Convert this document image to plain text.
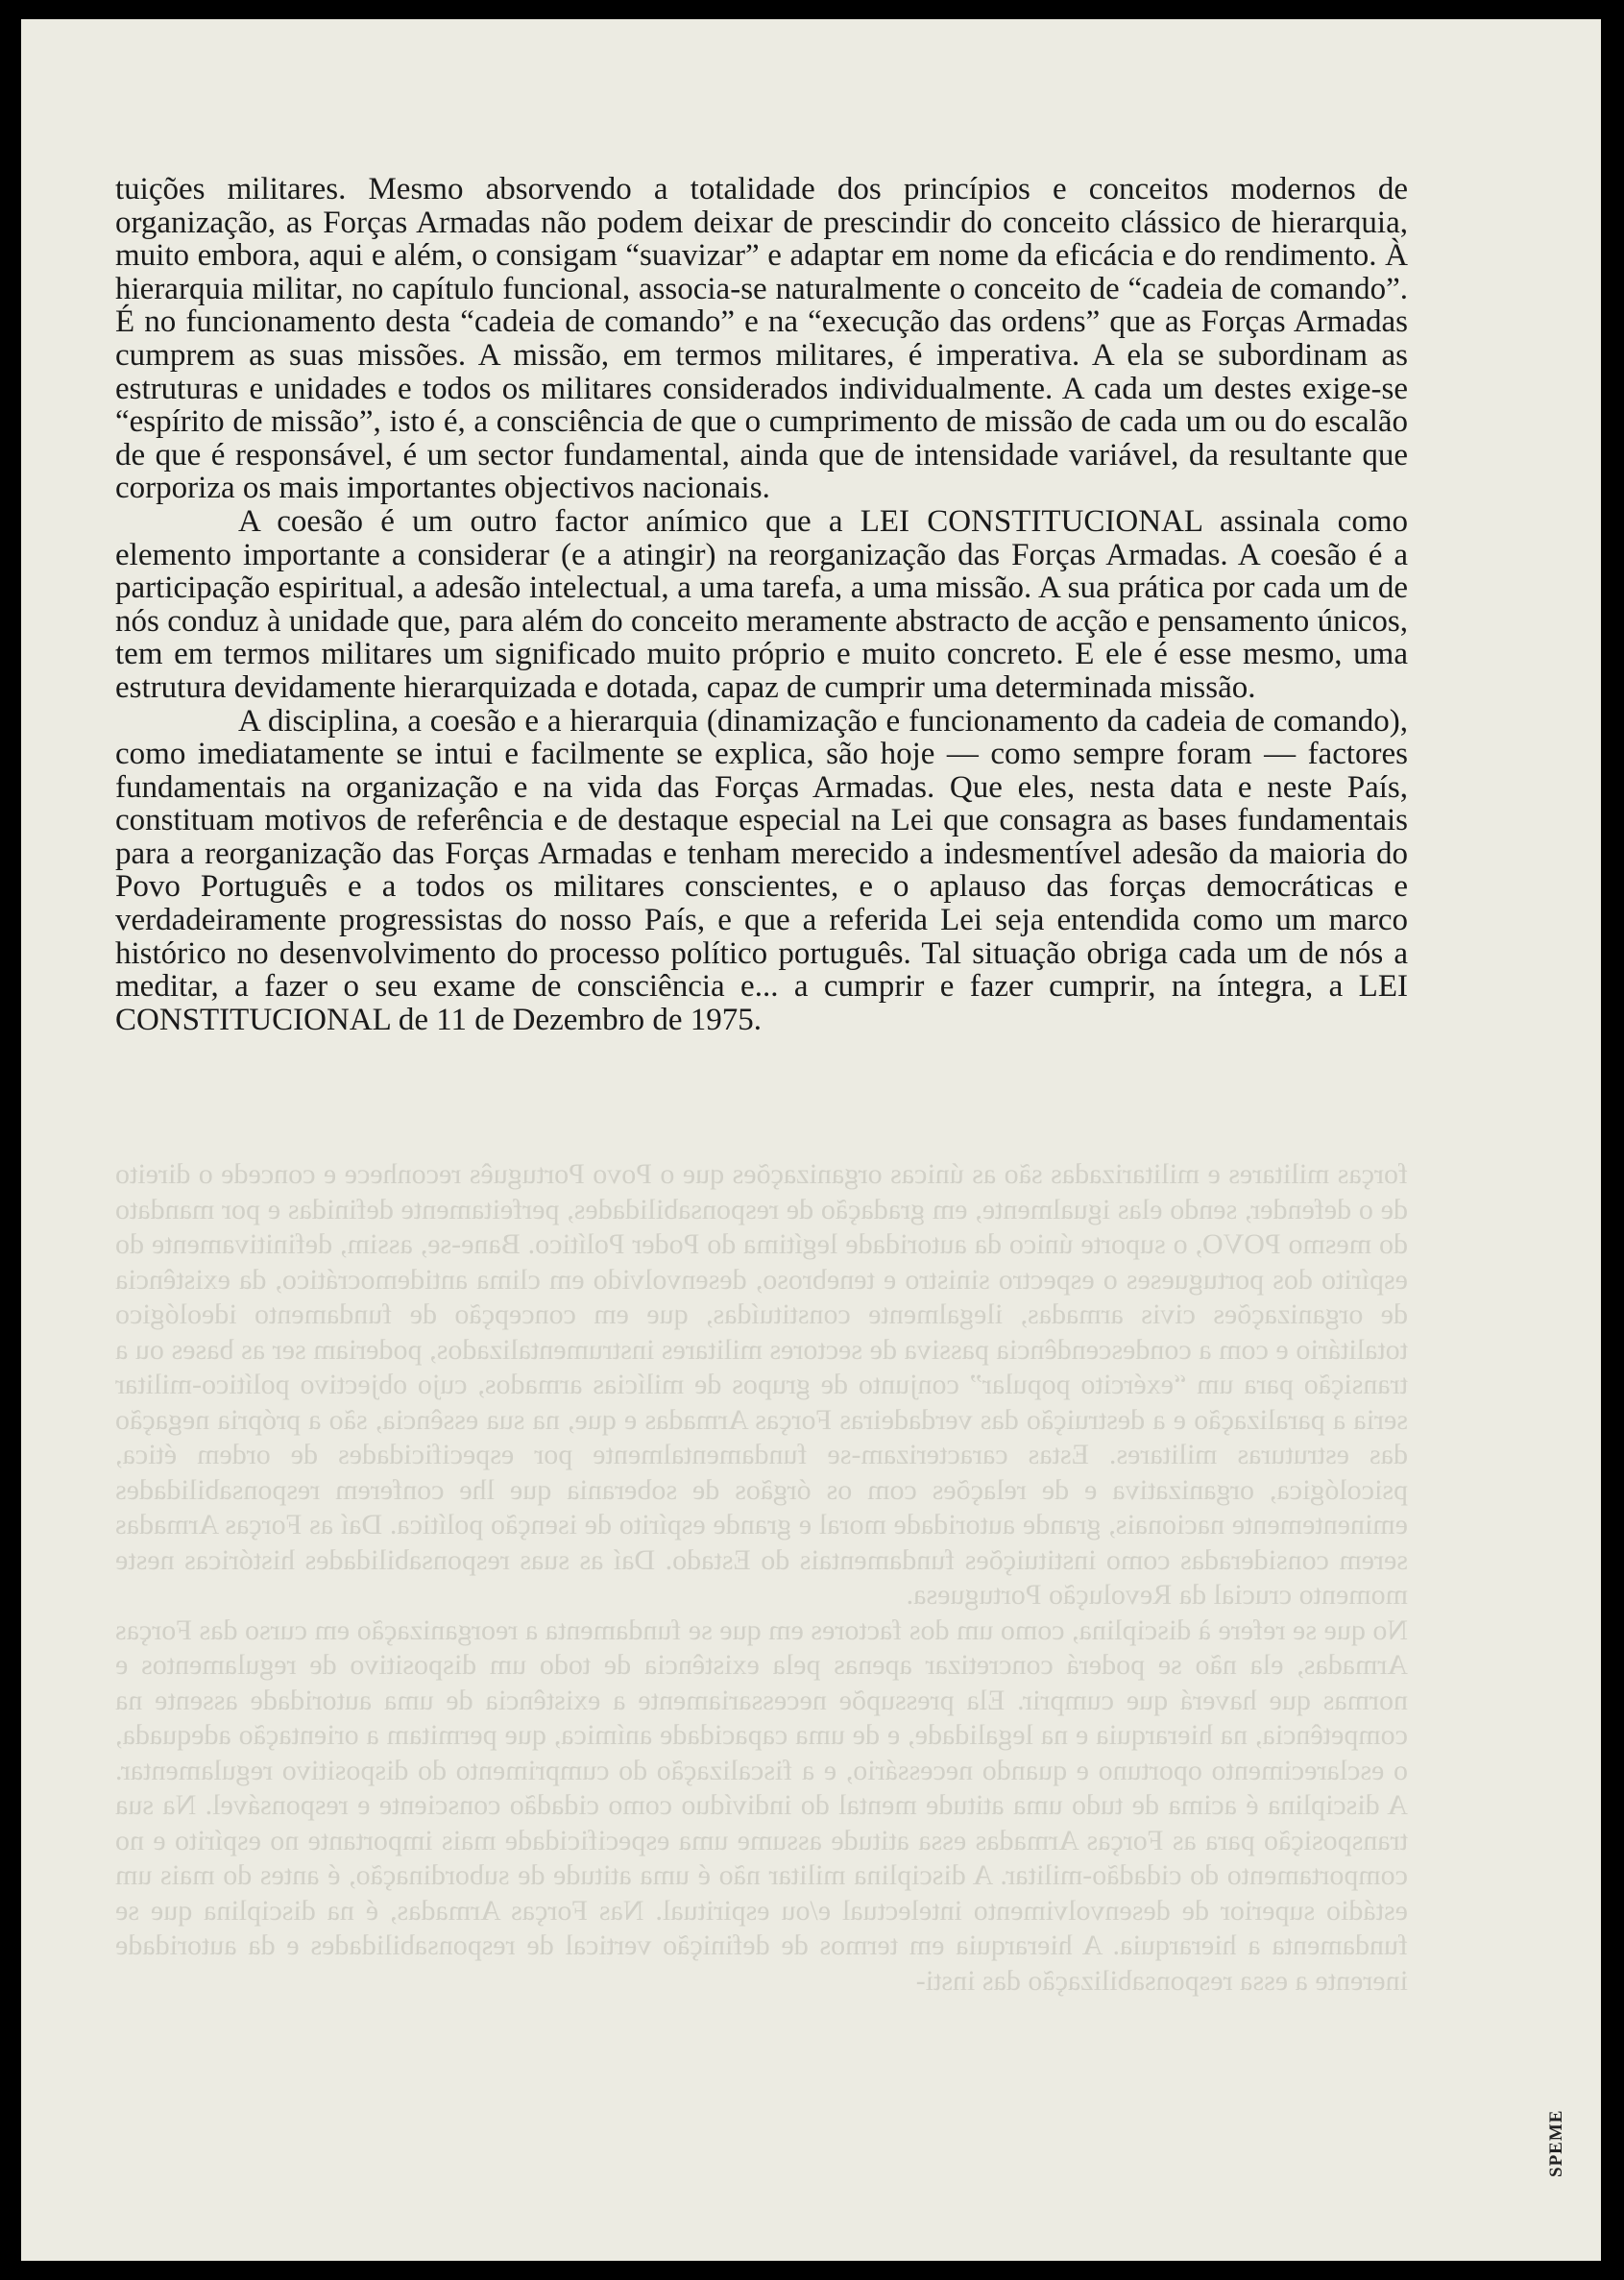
forças militares e militarizadas são as únicas organizações que o Povo Português reconhece e concede o direito de o defender, sendo elas igualmente, em gradação de responsabilidades, perfeitamente definidas e por mandato do mesmo POVO, o suporte único da autoridade legítima do Poder Político. Bane-se, assim, definitivamente do espírito dos portugueses o espectro sinistro e tenebroso, desenvolvido em clima antidemocrático, da existência de organizações civis armadas, ilegalmente constituídas, que em concepção de fundamento ideológico totalitário e com a condescendência passiva de sectores militares instrumentalizados, poderiam ser as bases ou a transição para um “exército popular” conjunto de grupos de milícias armados, cujo objectivo político-militar seria a paralização e a destruição das verdadeiras Forças Armadas e que, na sua essência, são a própria negação das estruturas militares. Estas caracterizam-se fundamentalmente por especificidades de ordem ética, psicológica, organizativa e de relações com os órgãos de soberania que lhe conferem responsabilidades eminentemente nacionais, grande autoridade moral e grande espírito de isenção política. Daí as Forças Armadas serem consideradas como instituições fundamentais do Estado. Daí as suas responsabilidades históricas neste momento crucial da Revolução Portuguesa.

No que se refere à disciplina, como um dos factores em que se fundamenta a reorganização em curso das Forças Armadas, ela não se poderá concretizar apenas pela existência de todo um dispositivo de regulamentos e normas que haverá que cumprir. Ela pressupõe necessariamente a existência de uma autoridade assente na competência, na hierarquia e na legalidade, e de uma capacidade anímica, que permitam a orientação adequada, o esclarecimento oportuno e quando necessário, e a fiscalização do cumprimento do dispositivo regulamentar. A disciplina é acima de tudo uma atitude mental do indivíduo como cidadão consciente e responsável. Na sua transposição para as Forças Armadas essa atitude assume uma especificidade mais importante no espírito e no comportamento do cidadão-militar. A disciplina militar não é uma atitude de subordinação, é antes do mais um estádio superior de desenvolvimento intelectual e/ou espiritual. Nas Forças Armadas, é na disciplina que se fundamenta a hierarquia. A hierarquia em termos de definição vertical de responsabilidades e da autoridade inerente a essa responsabilização das insti-

tuições militares. Mesmo absorvendo a totalidade dos princípios e conceitos modernos de organização, as Forças Armadas não podem deixar de prescindir do conceito clássico de hierarquia, muito embora, aqui e além, o consigam “suavizar” e adaptar em nome da eficácia e do rendimento. À hierarquia militar, no capítulo funcional, associa-se naturalmente o conceito de “cadeia de comando”. É no funcionamento desta “cadeia de comando” e na “execução das ordens” que as Forças Armadas cumprem as suas missões. A missão, em termos militares, é imperativa. A ela se subordinam as estruturas e unidades e todos os militares considerados individualmente. A cada um destes exige-se “espírito de missão”, isto é, a consciência de que o cumprimento de missão de cada um ou do escalão de que é responsável, é um sector fundamental, ainda que de intensidade variável, da resultante que corporiza os mais importantes objectivos nacionais.

A coesão é um outro factor anímico que a LEI CONSTITUCIONAL assinala como elemento importante a considerar (e a atingir) na reorganização das Forças Armadas. A coesão é a participação espiritual, a adesão intelectual, a uma tarefa, a uma missão. A sua prática por cada um de nós conduz à unidade que, para além do conceito meramente abstracto de acção e pensamento únicos, tem em termos militares um significado muito próprio e muito concreto. E ele é esse mesmo, uma estrutura devidamente hierarquizada e dotada, capaz de cumprir uma determinada missão.

A disciplina, a coesão e a hierarquia (dinamização e funcionamento da cadeia de comando), como imediatamente se intui e facilmente se explica, são hoje — como sempre foram — factores fundamentais na organização e na vida das Forças Armadas. Que eles, nesta data e neste País, constituam motivos de referência e de destaque especial na Lei que consagra as bases fundamentais para a reorganização das Forças Armadas e tenham merecido a indesmentível adesão da maioria do Povo Português e a todos os militares conscientes, e o aplauso das forças democráticas e verdadeiramente progressistas do nosso País, e que a referida Lei seja entendida como um marco histórico no desenvolvimento do processo político português. Tal situação obriga cada um de nós a meditar, a fazer o seu exame de consciência e... a cumprir e fazer cumprir, na íntegra, a LEI CONSTITUCIONAL de 11 de Dezembro de 1975.

SPEME
